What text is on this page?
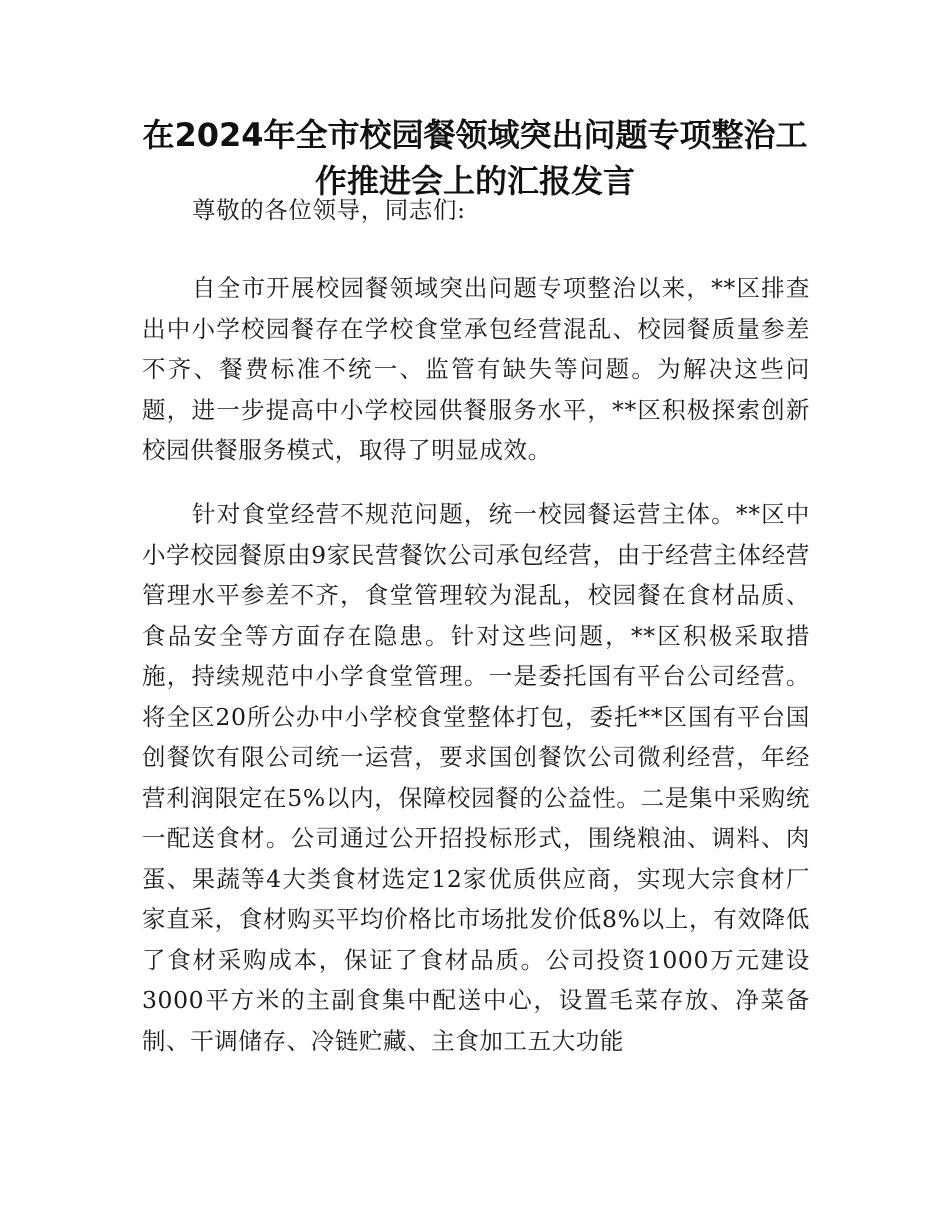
在2024年全市校园餐领域突出问题专项整治工作推进会上的汇报发言

尊敬的各位领导，同志们:

自全市开展校园餐领域突出问题专项整治以来，**区排查出中小学校园餐存在学校食堂承包经营混乱、校园餐质量参差不齐、餐费标准不统一、监管有缺失等问题。为解决这些问题，进一步提高中小学校园供餐服务水平，**区积极探索创新校园供餐服务模式，取得了明显成效。

针对食堂经营不规范问题，统一校园餐运营主体。**区中小学校园餐原由9家民营餐饮公司承包经营，由于经营主体经营管理水平参差不齐，食堂管理较为混乱，校园餐在食材品质、食品安全等方面存在隐患。针对这些问题，**区积极采取措施，持续规范中小学食堂管理。一是委托国有平台公司经营。将全区20所公办中小学校食堂整体打包，委托**区国有平台国创餐饮有限公司统一运营，要求国创餐饮公司微利经营，年经营利润限定在5%以内，保障校园餐的公益性。二是集中采购统一配送食材。公司通过公开招投标形式，围绕粮油、调料、肉蛋、果蔬等4大类食材选定12家优质供应商，实现大宗食材厂家直采，食材购买平均价格比市场批发价低8%以上，有效降低了食材采购成本，保证了食材品质。公司投资1000万元建设3000平方米的主副食集中配送中心，设置毛菜存放、净菜备制、干调储存、冷链贮藏、主食加工五大功能
